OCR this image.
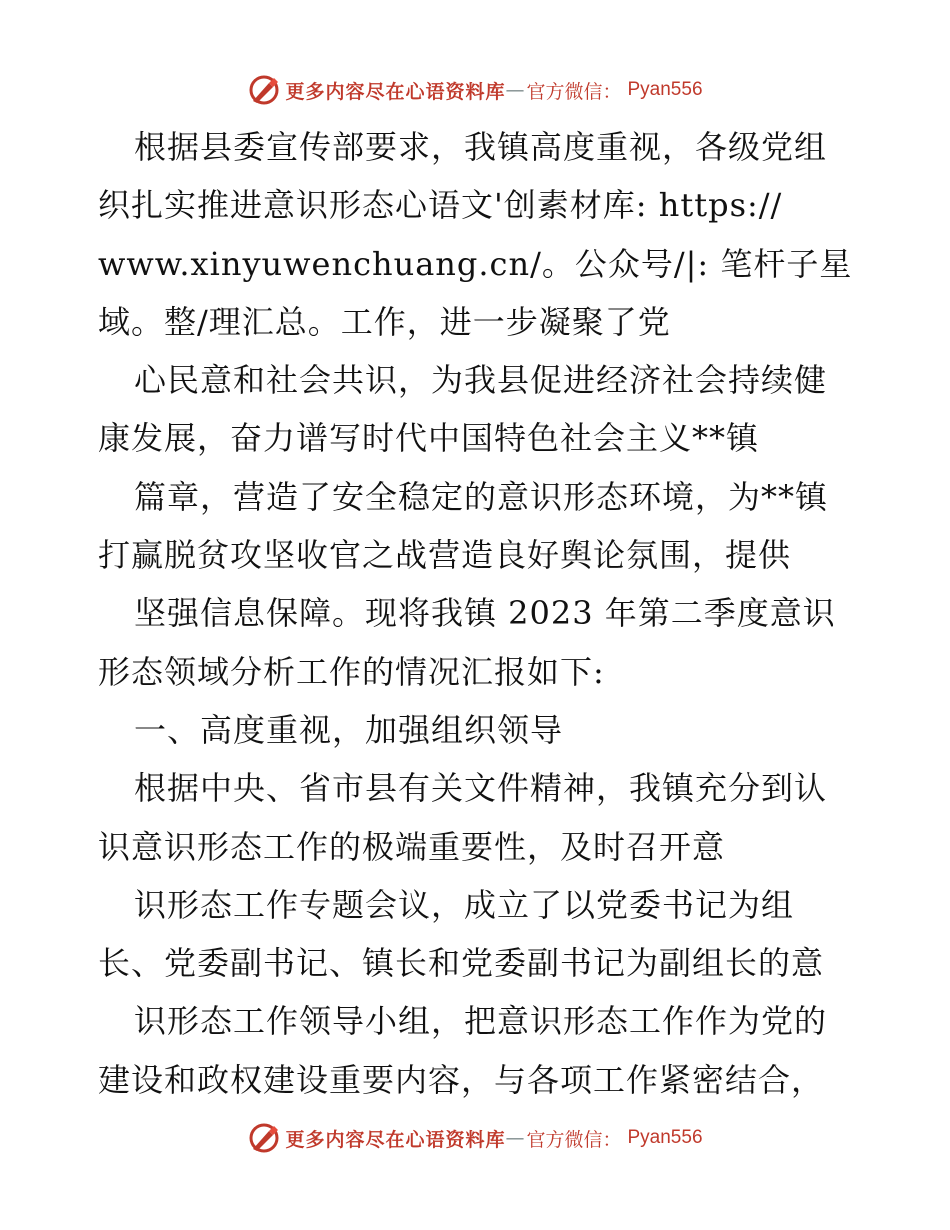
更多内容尽在心语资料库 — 官方微信： Pyan556
根据县委宣传部要求，我镇高度重视，各级党组
织扎实推进意识形态心语文'创素材库: https://
www.xinyuwenchuang.cn/。公众号/|: 笔杆子星
域。整/理汇总。工作，进一步凝聚了党
心民意和社会共识，为我县促进经济社会持续健
康发展，奋力谱写时代中国特色社会主义**镇
篇章，营造了安全稳定的意识形态环境，为**镇
打赢脱贫攻坚收官之战营造良好舆论氛围，提供
坚强信息保障。现将我镇 2023 年第二季度意识
形态领域分析工作的情况汇报如下:
一、高度重视，加强组织领导
根据中央、省市县有关文件精神，我镇充分到认
识意识形态工作的极端重要性，及时召开意
识形态工作专题会议，成立了以党委书记为组
长、党委副书记、镇长和党委副书记为副组长的意
识形态工作领导小组，把意识形态工作作为党的
建设和政权建设重要内容，与各项工作紧密结合，
更多内容尽在心语资料库 — 官方微信： Pyan556
